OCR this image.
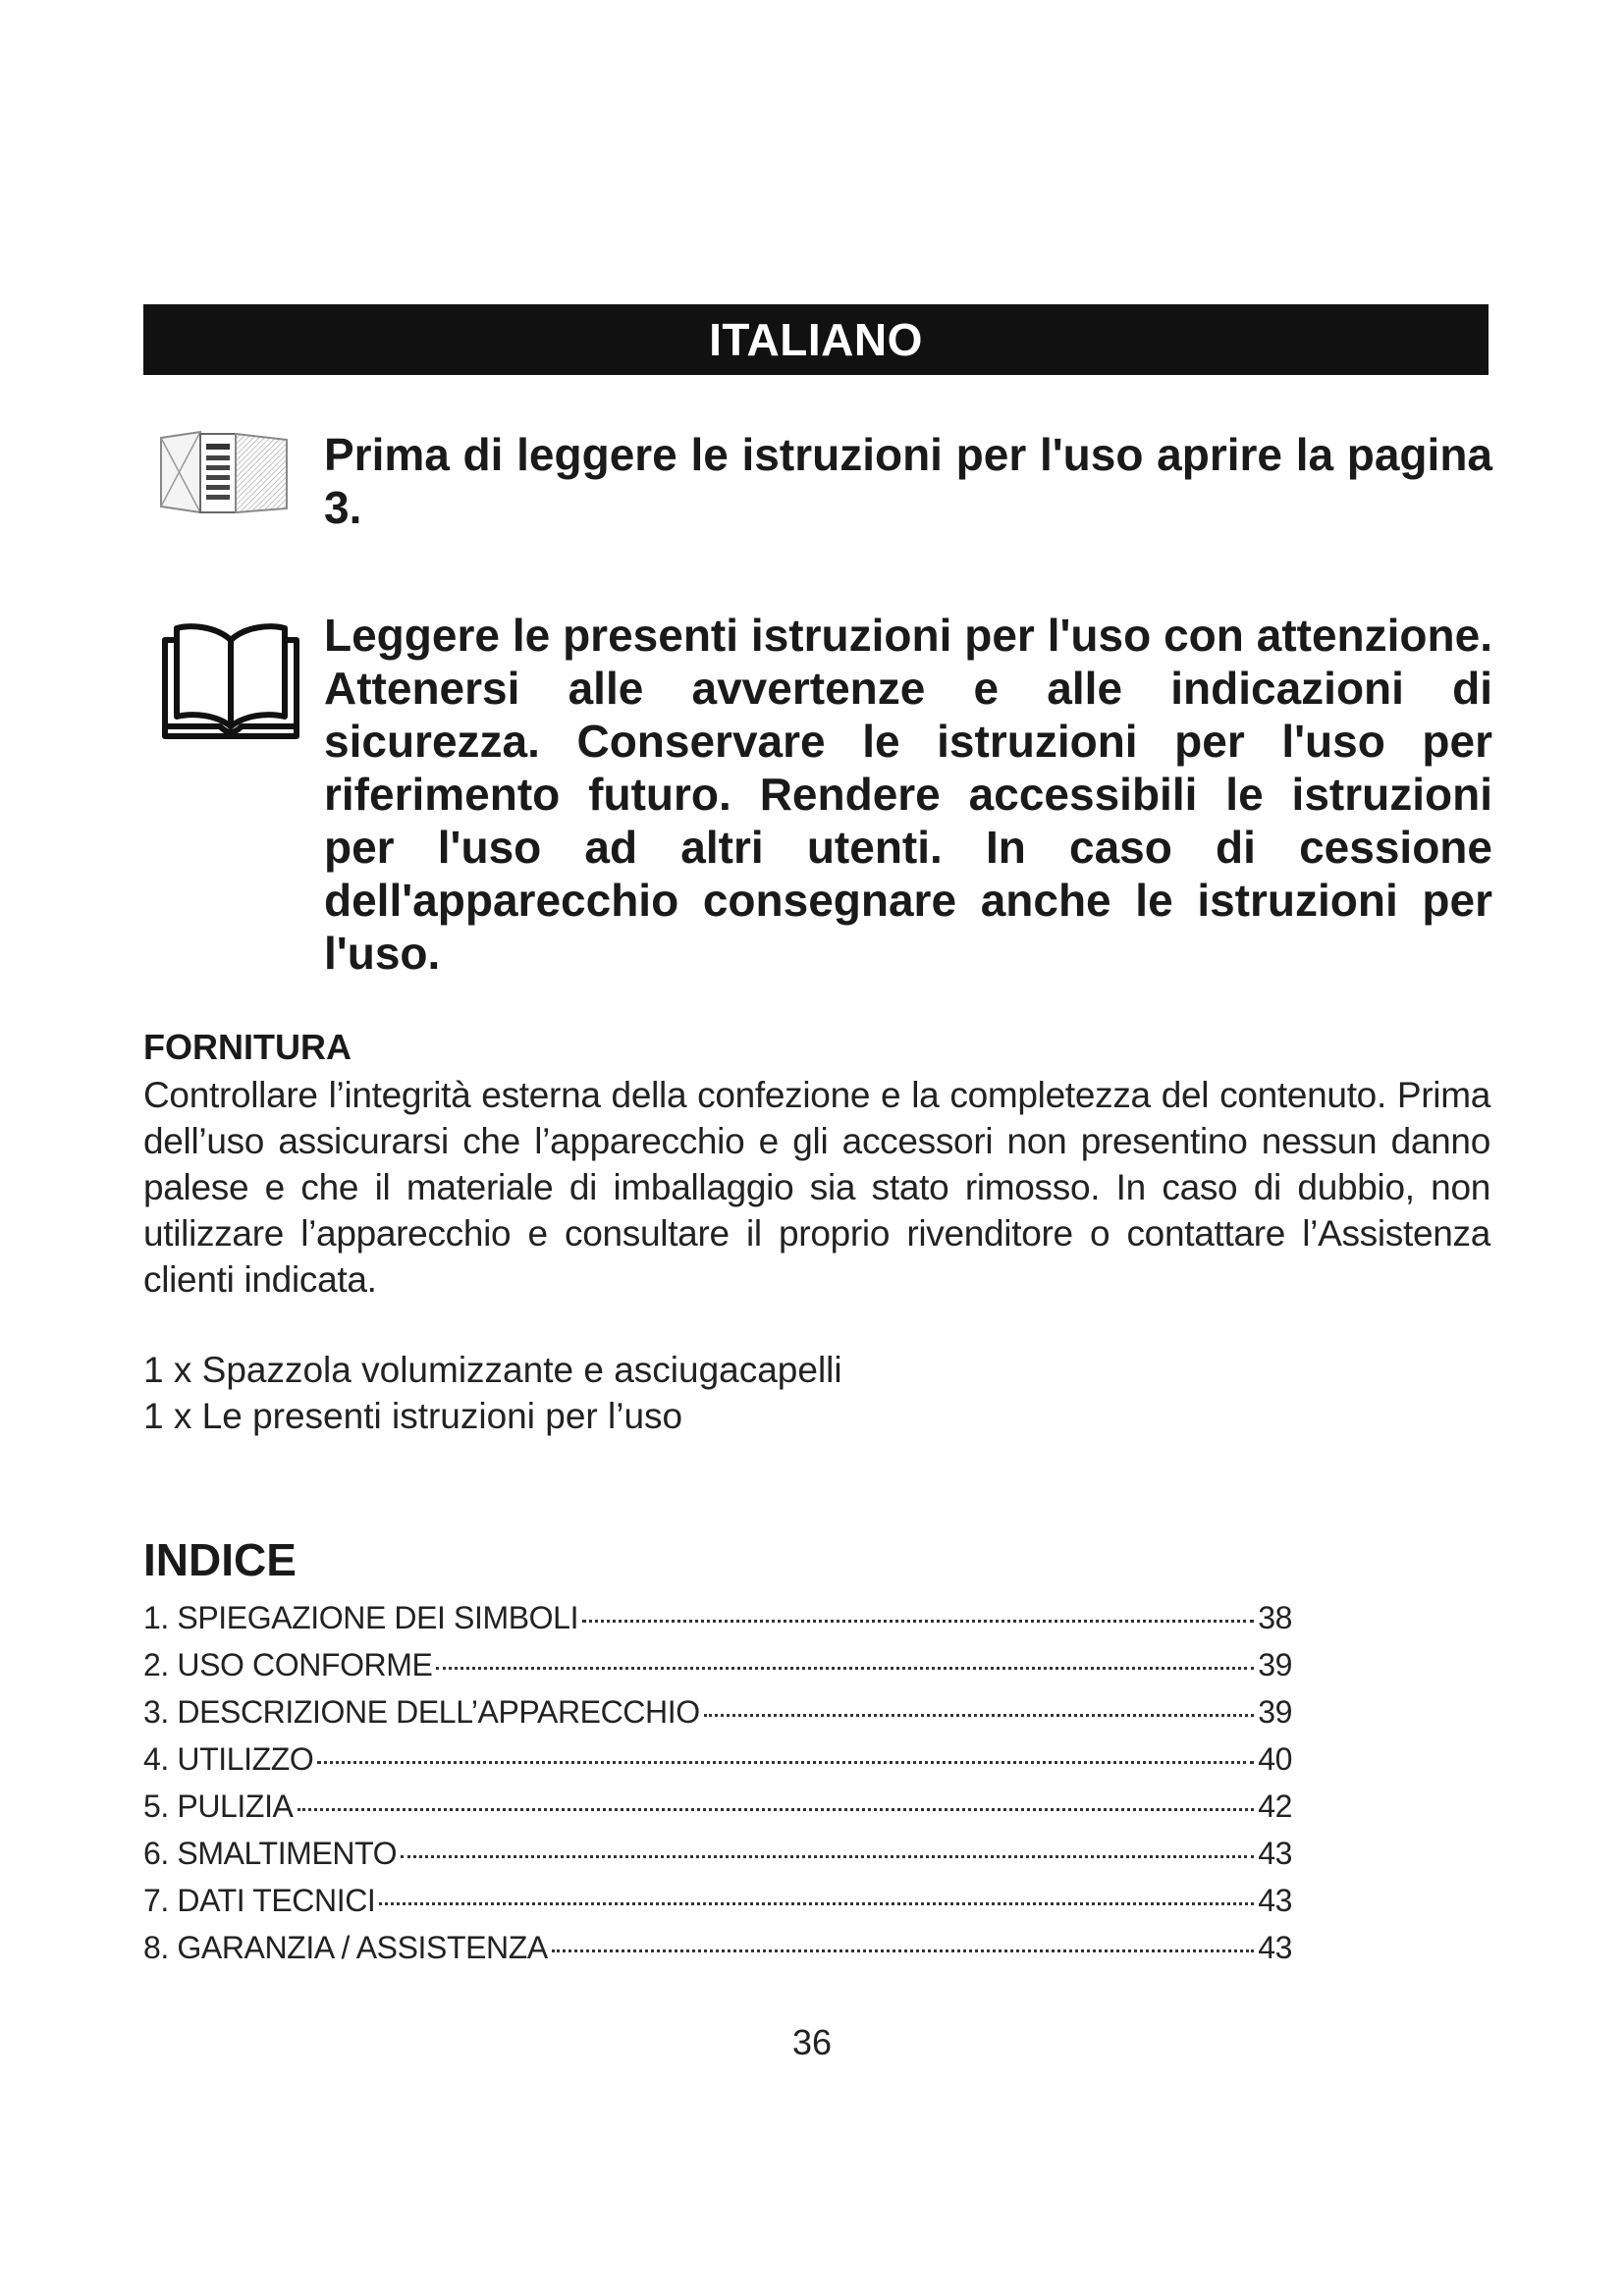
ITALIANO
Prima di leggere le istruzioni per l'uso aprire la pagina 3.
Leggere le presenti istruzioni per l'uso con attenzione. Attenersi alle avvertenze e alle indicazioni di sicurezza. Conservare le istruzioni per l'uso per riferimento futuro. Rendere accessibili le istruzioni per l'uso ad altri utenti. In caso di cessione dell'apparecchio consegnare anche le istruzioni per l'uso.
FORNITURA
Controllare l’integrità esterna della confezione e la completezza del contenuto. Prima dell’uso assicurarsi che l’apparecchio e gli accessori non presentino nessun danno palese e che il materiale di imballaggio sia stato rimosso. In caso di dubbio, non utilizzare l’apparecchio e consultare il proprio rivenditore o contattare l’Assistenza clienti indicata.
1 x Spazzola volumizzante e asciugacapelli
1 x Le presenti istruzioni per l’uso
INDICE
1. SPIEGAZIONE DEI SIMBOLI	38
2. USO CONFORME	39
3. DESCRIZIONE DELL’APPARECCHIO	39
4. UTILIZZO	40
5. PULIZIA	42
6. SMALTIMENTO	43
7. DATI TECNICI	43
8. GARANZIA / ASSISTENZA	43
36
